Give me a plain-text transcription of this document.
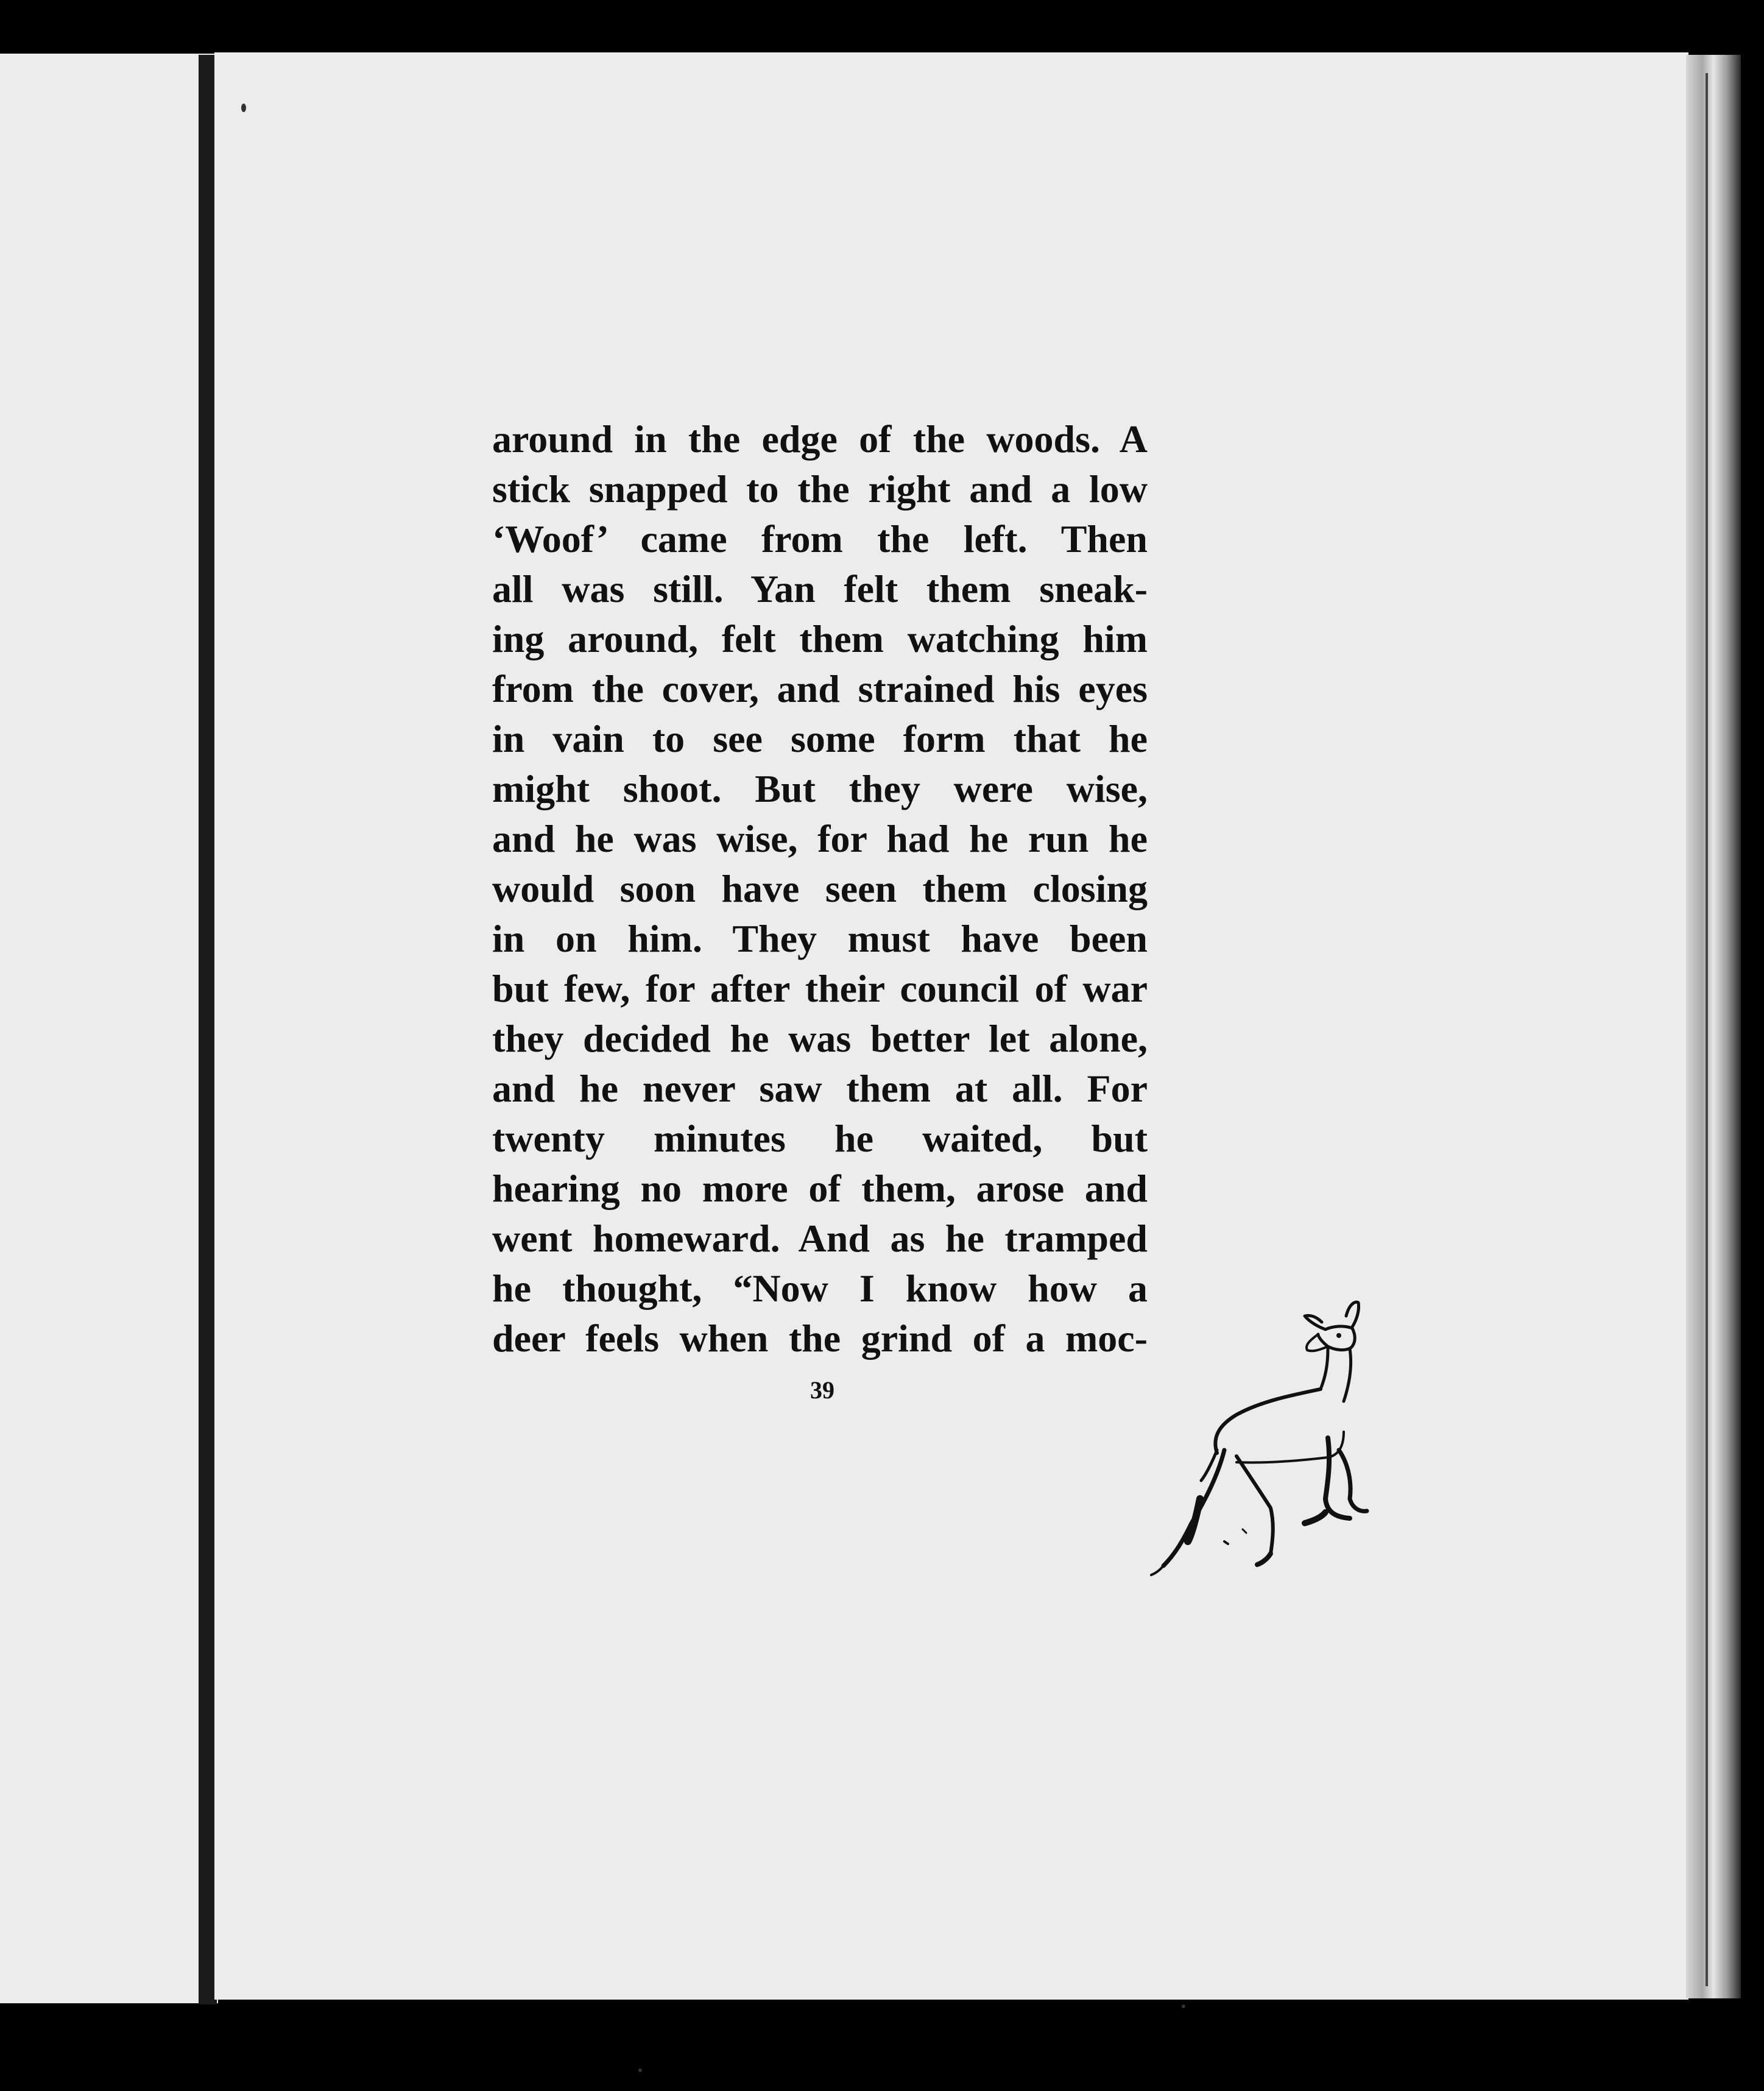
around in the edge of the woods. A
stick snapped to the right and a low
‘Woof’ came from the left. Then
all was still. Yan felt them sneak-
ing around, felt them watching him
from the cover, and strained his eyes
in vain to see some form that he
might shoot. But they were wise,
and he was wise, for had he run he
would soon have seen them closing
in on him. They must have been
but few, for after their council of war
they decided he was better let alone,
and he never saw them at all. For
twenty minutes he waited, but
hearing no more of them, arose and
went homeward. And as he tramped
he thought, “Now I know how a
deer feels when the grind of a moc-
39
